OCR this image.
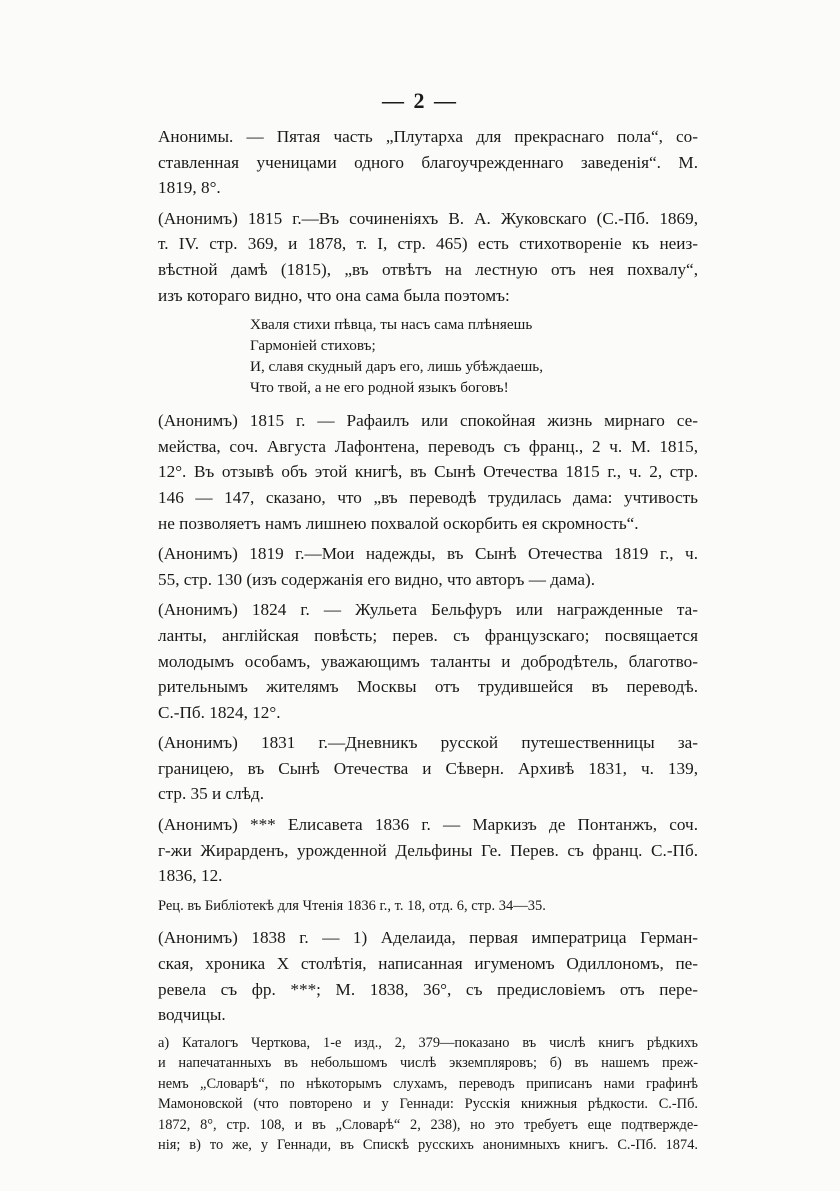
— 2 —
Анонимы. — Пятая часть „Плутарха для прекраснаго пола“, со-
ставленная ученицами одного благоучрежденнаго заведенія“. М.
1819, 8°.
(Анонимъ) 1815 г.—Въ сочиненіяхъ В. А. Жуковскаго (С.-Пб. 1869,
т. IV. стр. 369, и 1878, т. I, стр. 465) есть стихотвореніе къ неиз-
вѣстной дамѣ (1815), „въ отвѣтъ на лестную отъ нея похвалу“,
изъ котораго видно, что она сама была поэтомъ:
Хваля стихи пѣвца, ты насъ сама плѣняешь
Гармоніей стиховъ;
И, славя скудный даръ его, лишь убѣждаешь,
Что твой, а не его родной языкъ боговъ!
(Анонимъ) 1815 г. — Рафаилъ или спокойная жизнь мирнаго се-
мейства, соч. Августа Лафонтена, переводъ съ франц., 2 ч. М. 1815,
12°. Въ отзывѣ объ этой книгѣ, въ Сынѣ Отечества 1815 г., ч. 2, стр.
146 — 147, сказано, что „въ переводѣ трудилась дама: учтивость
не позволяетъ намъ лишнею похвалой оскорбить ея скромность“.
(Анонимъ) 1819 г.—Мои надежды, въ Сынѣ Отечества 1819 г., ч.
55, стр. 130 (изъ содержанія его видно, что авторъ — дама).
(Анонимъ) 1824 г. — Жульета Бельфуръ или награжденные та-
ланты, англійская повѣсть; перев. съ французскаго; посвящается
молодымъ особамъ, уважающимъ таланты и добродѣтель, благотво-
рительнымъ жителямъ Москвы отъ трудившейся въ переводѣ.
С.-Пб. 1824, 12°.
(Анонимъ) 1831 г.—Дневникъ русской путешественницы за-
границею, въ Сынѣ Отечества и Сѣверн. Архивѣ 1831, ч. 139,
стр. 35 и слѣд.
(Анонимъ) *** Елисавета 1836 г. — Маркизъ де Понтанжъ, соч.
г-жи Жирарденъ, урожденной Дельфины Ге. Перев. съ франц. С.-Пб.
1836, 12.
Рец. въ Библіотекѣ для Чтенія 1836 г., т. 18, отд. 6, стр. 34—35.
(Анонимъ) 1838 г. — 1) Аделаида, первая императрица Герман-
ская, хроника X столѣтія, написанная игуменомъ Одиллономъ, пе-
ревела съ фр. ***; М. 1838, 36°, съ предисловіемъ отъ пере-
водчицы.
а) Каталогъ Черткова, 1-е изд., 2, 379—показано въ числѣ книгъ рѣдкихъ
и напечатанныхъ въ небольшомъ числѣ экземпляровъ; б) въ нашемъ преж-
немъ „Словарѣ“, по нѣкоторымъ слухамъ, переводъ приписанъ нами графинѣ
Мамоновской (что повторено и у Геннади: Русскія книжныя рѣдкости. С.-Пб.
1872, 8°, стр. 108, и въ „Словарѣ“ 2, 238), но это требуетъ еще подтвержде-
нія; в) то же, у Геннади, въ Спискѣ русскихъ анонимныхъ книгъ. С.-Пб. 1874.
